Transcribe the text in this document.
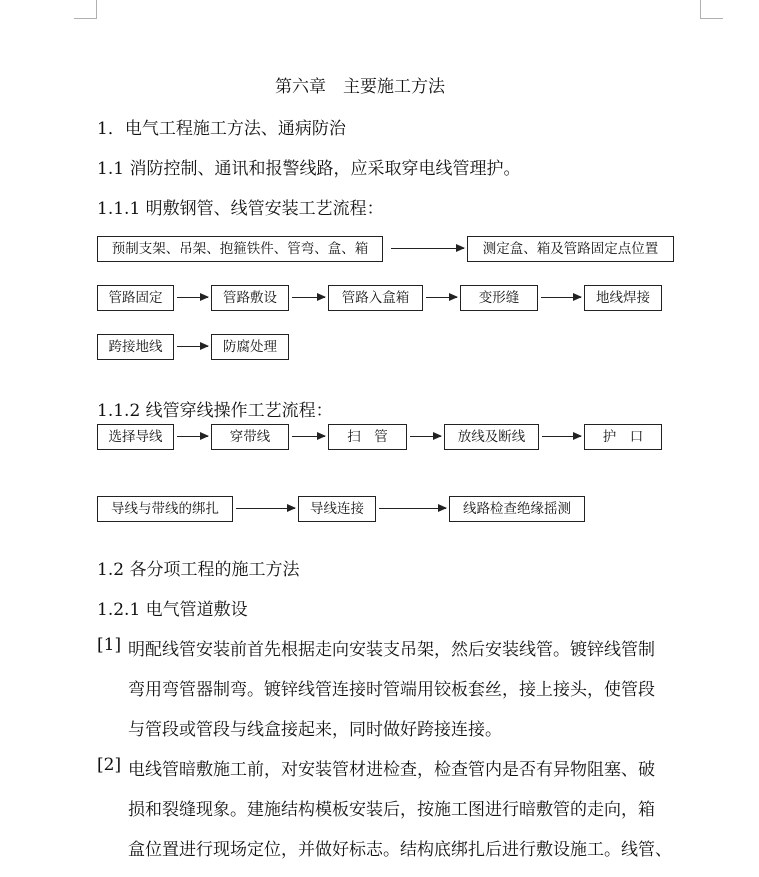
第六章　主要施工方法
1．电气工程施工方法、通病防治
1.1 消防控制、通讯和报警线路，应采取穿电线管理护。
1.1.1 明敷钢管、线管安装工艺流程：
预制支架、吊架、抱箍铁件、管弯、盒、箱	测定盒、箱及管路固定点位置
管路固定	管路敷设	管路入盒箱	变形缝	地线焊接
跨接地线	防腐处理
1.1.2 线管穿线操作工艺流程：
选择导线	穿带线	扫　管	放线及断线	护　口
导线与带线的绑扎	导线连接	线路检查绝缘摇测
1.2 各分项工程的施工方法
1.2.1 电气管道敷设
[1] 明配线管安装前首先根据走向安装支吊架，然后安装线管。镀锌线管制
弯用弯管器制弯。镀锌线管连接时管端用铰板套丝，接上接头，使管段
与管段或管段与线盒接起来，同时做好跨接连接。
[2] 电线管暗敷施工前，对安装管材进检查，检查管内是否有异物阻塞、破
损和裂缝现象。建施结构模板安装后，按施工图进行暗敷管的走向，箱
盒位置进行现场定位，并做好标志。结构底绑扎后进行敷设施工。线管、
